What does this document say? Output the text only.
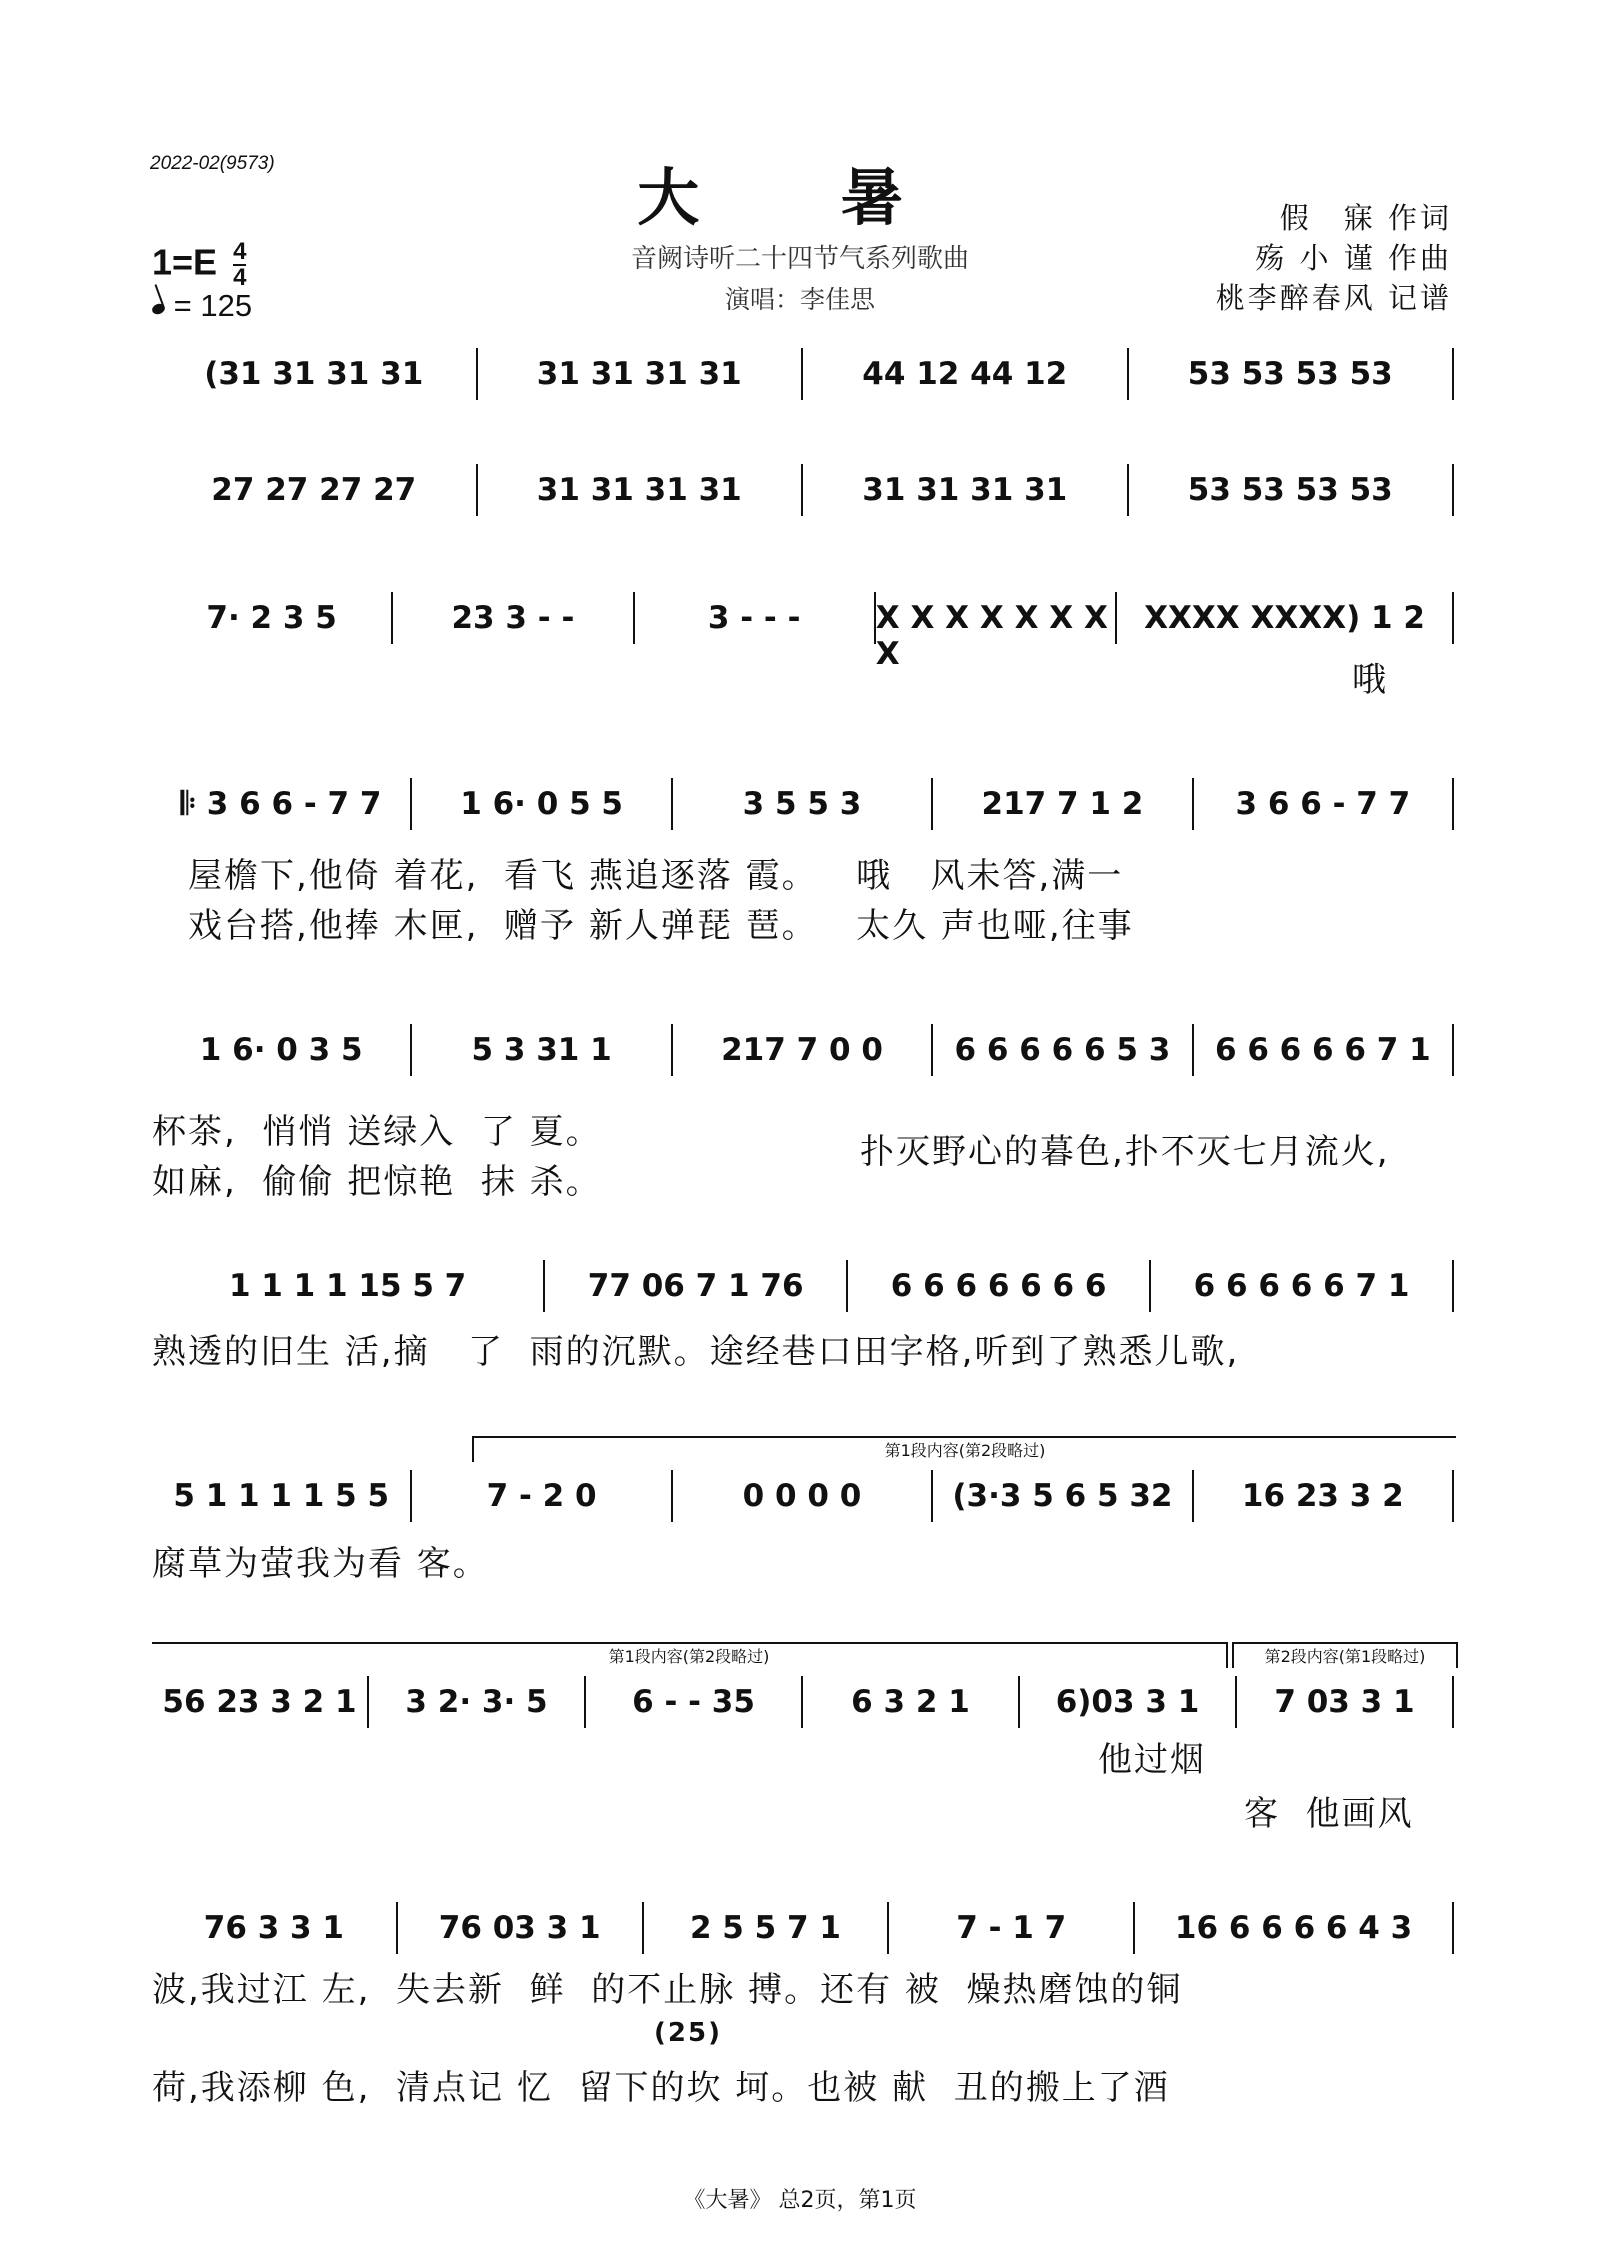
2022-02(9573)	大 暑
音阙诗听二十四节气系列歌曲
演唱：李佳思
假　寐 作词
殇 小 谨 作曲
桃李醉春风 记谱
$1=E \frac{4}{4}$
= 125
(31 31 31 31	31 31 31 31	44 12 44 12	53 53 53 53
27 27 27 27	31 31 31 31	31 31 31 31	53 53 53 53
7· 2 3 5	23 3 - -	3 - - -	X X X X X X X X
XXXX XXXX) 1 2
哦
𝄆 3 6 6 - 7 7	1 6· 0 5 5	3 5 5 3	217 7 1 2	3 6 6 - 7 7
屋檐下,他倚 着花,  看飞 燕追逐落 霞。   哦   风未答,满一
戏台搭,他捧 木匣,  赠予 新人弹琵 琶。   太久 声也哑,往事
1 6· 0 3 5	5 3 31 1	217 7 0 0	6 6 6 6 6 5 3	6 6 6 6 6 7 1
杯茶,  悄悄 送绿入  了 夏。
如麻,  偷偷 把惊艳  抹 杀。
扑灭野心的暮色,扑不灭七月流火,
1 1 1 1 15 5 7	77 06 7 1 76	6 6 6 6 6 6 6	6 6 6 6 6 7 1
熟透的旧生 活,摘   了  雨的沉默。途经巷口田字格,听到了熟悉儿歌,
第1段内容(第2段略过)
5 1 1 1 1 5 5	7 - 2 0	0 0 0 0	(3·3 5 6 5 32	16 23 3 2
腐草为萤我为看 客。
第1段内容(第2段略过)	第2段内容(第1段略过)
56 23 3 2 1	3 2· 3· 5	6 - - 35	6 3 2 1	6)03 3 1	7 03 3 1
他过烟
客  他画风
76 3 3 1	76 03 3 1	2 5 5 7 1	7 - 1 7	16 6 6 6 6 4 3
波,我过江 左,  失去新  鲜  的不止脉 搏。还有 被  燥热磨蚀的铜
(25)
荷,我添柳 色,  清点记 忆  留下的坎 坷。也被 献  丑的搬上了酒
《大暑》 总2页，第1页
